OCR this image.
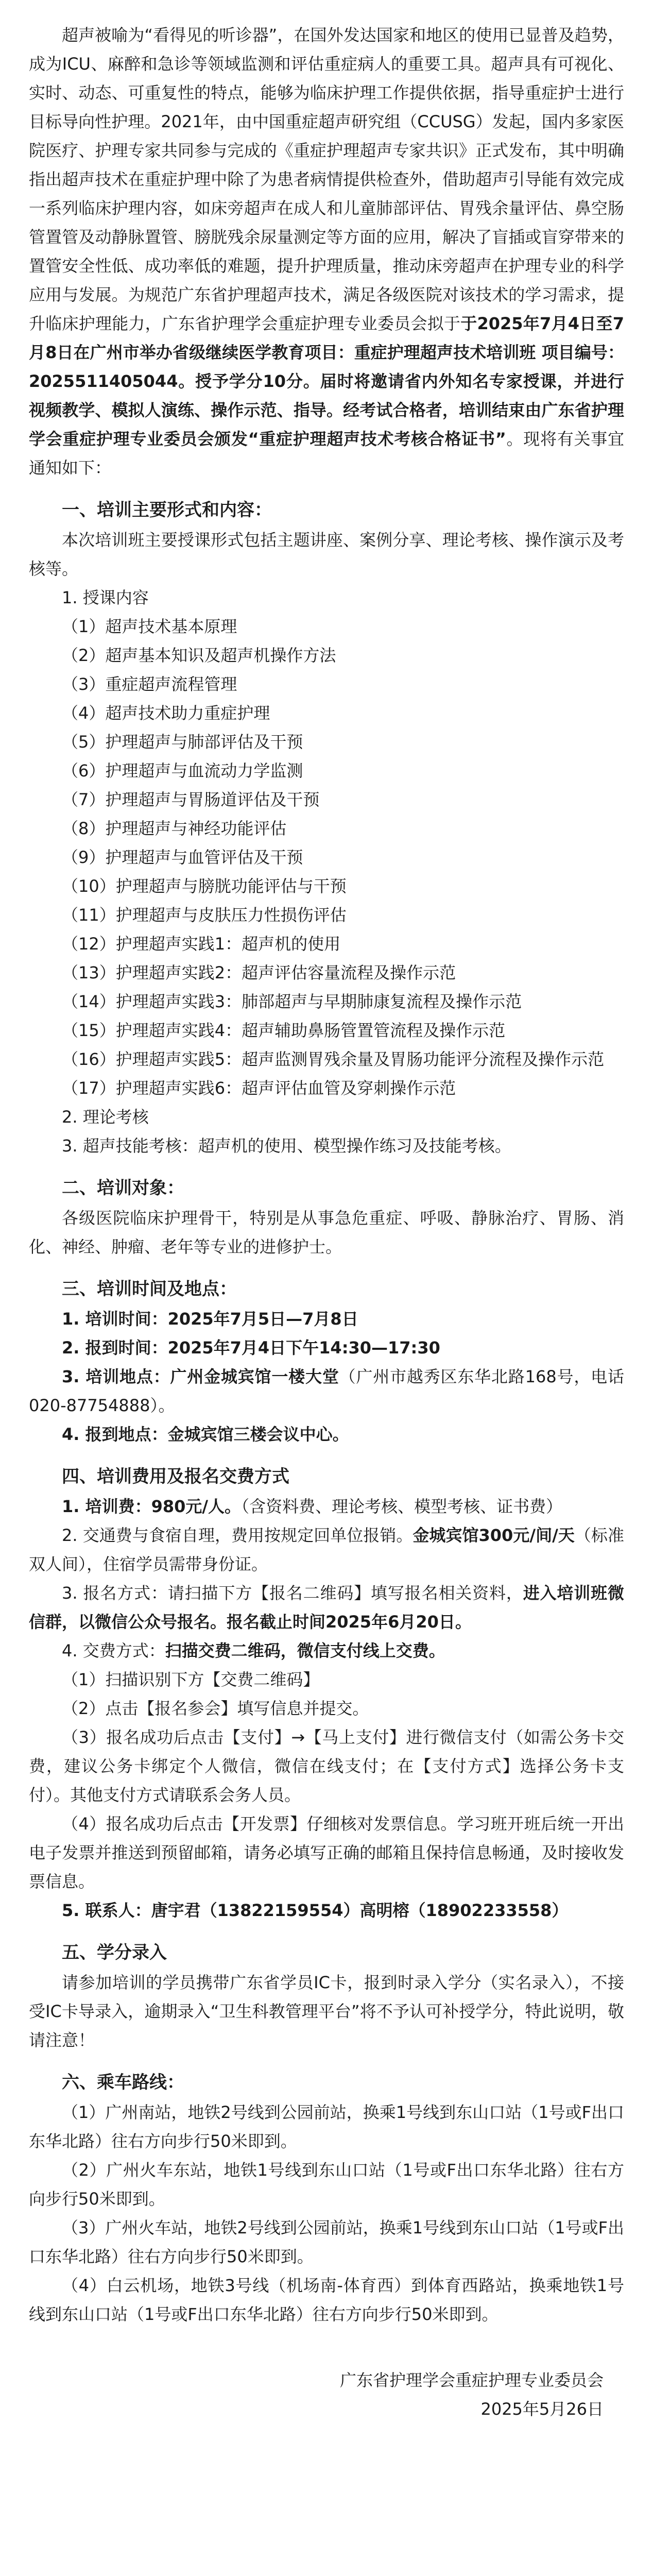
超声被喻为“看得见的听诊器”，在国外发达国家和地区的使用已显普及趋势，成为ICU、麻醉和急诊等领域监测和评估重症病人的重要工具。超声具有可视化、实时、动态、可重复性的特点，能够为临床护理工作提供依据，指导重症护士进行目标导向性护理。2021年，由中国重症超声研究组（CCUSG）发起，国内多家医院医疗、护理专家共同参与完成的《重症护理超声专家共识》正式发布，其中明确指出超声技术在重症护理中除了为患者病情提供检查外，借助超声引导能有效完成一系列临床护理内容，如床旁超声在成人和儿童肺部评估、胃残余量评估、鼻空肠管置管及动静脉置管、膀胱残余尿量测定等方面的应用，解决了盲插或盲穿带来的置管安全性低、成功率低的难题，提升护理质量，推动床旁超声在护理专业的科学应用与发展。为规范广东省护理超声技术，满足各级医院对该技术的学习需求，提升临床护理能力，广东省护理学会重症护理专业委员会拟于于2025年7月4日至7月8日在广州市举办省级继续医学教育项目：重症护理超声技术培训班 项目编号：2025511405044。授予学分10分。届时将邀请省内外知名专家授课，并进行视频教学、模拟人演练、操作示范、指导。经考试合格者，培训结束由广东省护理学会重症护理专业委员会颁发“重症护理超声技术考核合格证书”。现将有关事宜通知如下：

一、培训主要形式和内容：

本次培训班主要授课形式包括主题讲座、案例分享、理论考核、操作演示及考核等。

1. 授课内容

（1）超声技术基本原理

（2）超声基本知识及超声机操作方法

（3）重症超声流程管理

（4）超声技术助力重症护理

（5）护理超声与肺部评估及干预

（6）护理超声与血流动力学监测

（7）护理超声与胃肠道评估及干预

（8）护理超声与神经功能评估

（9）护理超声与血管评估及干预

（10）护理超声与膀胱功能评估与干预

（11）护理超声与皮肤压力性损伤评估

（12）护理超声实践1：超声机的使用

（13）护理超声实践2：超声评估容量流程及操作示范

（14）护理超声实践3：肺部超声与早期肺康复流程及操作示范

（15）护理超声实践4：超声辅助鼻肠管置管流程及操作示范

（16）护理超声实践5：超声监测胃残余量及胃肠功能评分流程及操作示范

（17）护理超声实践6：超声评估血管及穿刺操作示范

2. 理论考核

3. 超声技能考核：超声机的使用、模型操作练习及技能考核。

二、培训对象：

各级医院临床护理骨干，特别是从事急危重症、呼吸、静脉治疗、胃肠、消化、神经、肿瘤、老年等专业的进修护士。

三、培训时间及地点：

1. 培训时间：2025年7月5日—7月8日

2. 报到时间：2025年7月4日下午14:30—17:30

3. 培训地点：广州金城宾馆一楼大堂（广州市越秀区东华北路168号，电话020-87754888）。

4. 报到地点：金城宾馆三楼会议中心。

四、培训费用及报名交费方式

1. 培训费：980元/人。（含资料费、理论考核、模型考核、证书费）

2. 交通费与食宿自理，费用按规定回单位报销。金城宾馆300元/间/天（标准双人间），住宿学员需带身份证。

3. 报名方式：请扫描下方【报名二维码】填写报名相关资料，进入培训班微信群，以微信公众号报名。报名截止时间2025年6月20日。

4. 交费方式：扫描交费二维码，微信支付线上交费。

（1）扫描识别下方【交费二维码】

（2）点击【报名参会】填写信息并提交。

（3）报名成功后点击【支付】→【马上支付】进行微信支付（如需公务卡交费，建议公务卡绑定个人微信，微信在线支付；在【支付方式】选择公务卡支付）。其他支付方式请联系会务人员。

（4）报名成功后点击【开发票】仔细核对发票信息。学习班开班后统一开出电子发票并推送到预留邮箱，请务必填写正确的邮箱且保持信息畅通，及时接收发票信息。

5. 联系人：唐宇君（13822159554）高明榕（18902233558）

五、学分录入

请参加培训的学员携带广东省学员IC卡，报到时录入学分（实名录入），不接受IC卡导录入，逾期录入“卫生科教管理平台”将不予认可补授学分，特此说明，敬请注意！

六、乘车路线：

（1）广州南站，地铁2号线到公园前站，换乘1号线到东山口站（1号或F出口东华北路）往右方向步行50米即到。

（2）广州火车东站，地铁1号线到东山口站（1号或F出口东华北路）往右方向步行50米即到。

（3）广州火车站，地铁2号线到公园前站，换乘1号线到东山口站（1号或F出口东华北路）往右方向步行50米即到。

（4）白云机场，地铁3号线（机场南-体育西）到体育西路站，换乘地铁1号线到东山口站（1号或F出口东华北路）往右方向步行50米即到。

广东省护理学会重症护理专业委员会

2025年5月26日
